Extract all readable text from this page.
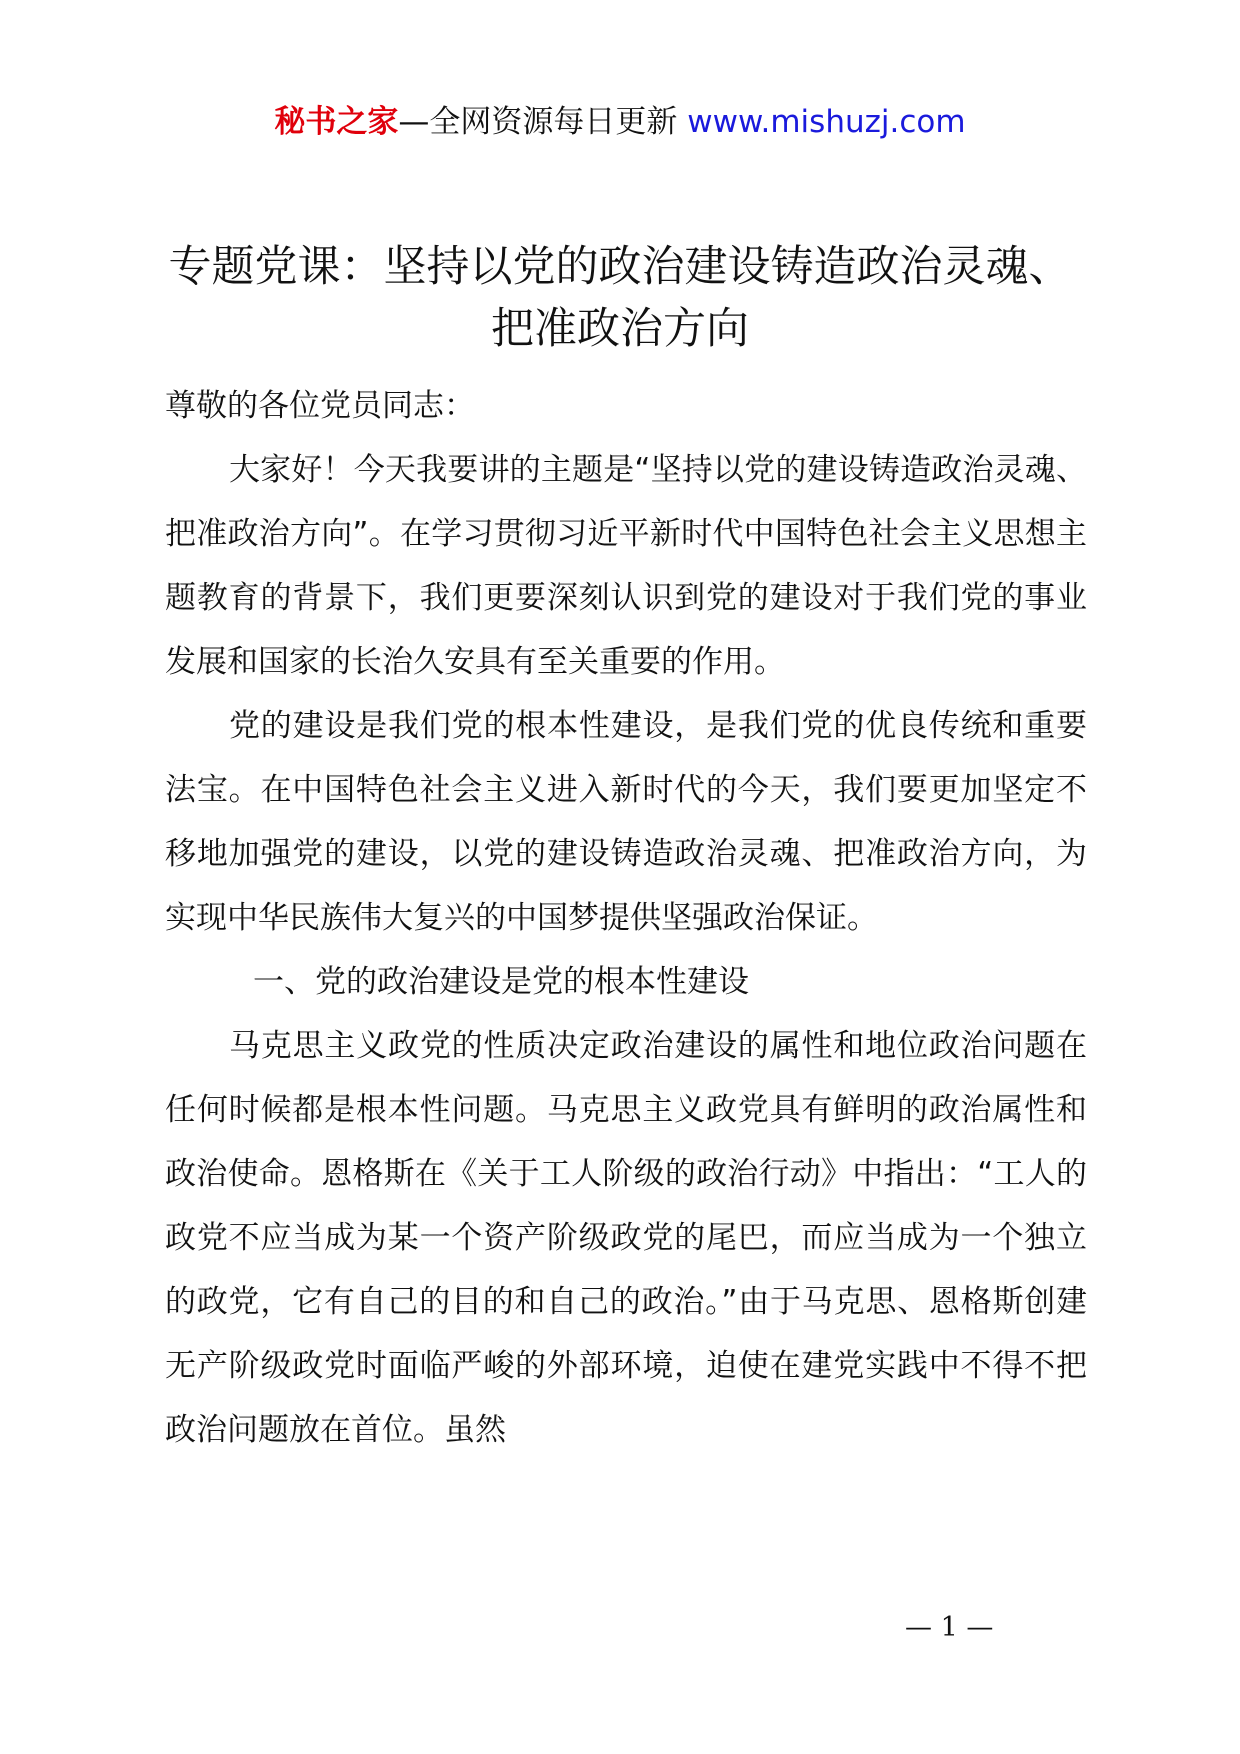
秘书之家—全网资源每日更新 www.mishuzj.com
专题党课：坚持以党的政治建设铸造政治灵魂、
把准政治方向

尊敬的各位党员同志：

大家好！今天我要讲的主题是“坚持以党的建设铸造政治灵魂、把准政治方向”。在学习贯彻习近平新时代中国特色社会主义思想主题教育的背景下，我们更要深刻认识到党的建设对于我们党的事业发展和国家的长治久安具有至关重要的作用。

党的建设是我们党的根本性建设，是我们党的优良传统和重要法宝。在中国特色社会主义进入新时代的今天，我们要更加坚定不移地加强党的建设，以党的建设铸造政治灵魂、把准政治方向，为实现中华民族伟大复兴的中国梦提供坚强政治保证。

一、党的政治建设是党的根本性建设

马克思主义政党的性质决定政治建设的属性和地位政治问题在任何时候都是根本性问题。马克思主义政党具有鲜明的政治属性和政治使命。恩格斯在《关于工人阶级的政治行动》中指出：“工人的政党不应当成为某一个资产阶级政党的尾巴，而应当成为一个独立的政党，它有自己的目的和自己的政治。”由于马克思、恩格斯创建无产阶级政党时面临严峻的外部环境，迫使在建党实践中不得不把政治问题放在首位。虽然

— 1 —
